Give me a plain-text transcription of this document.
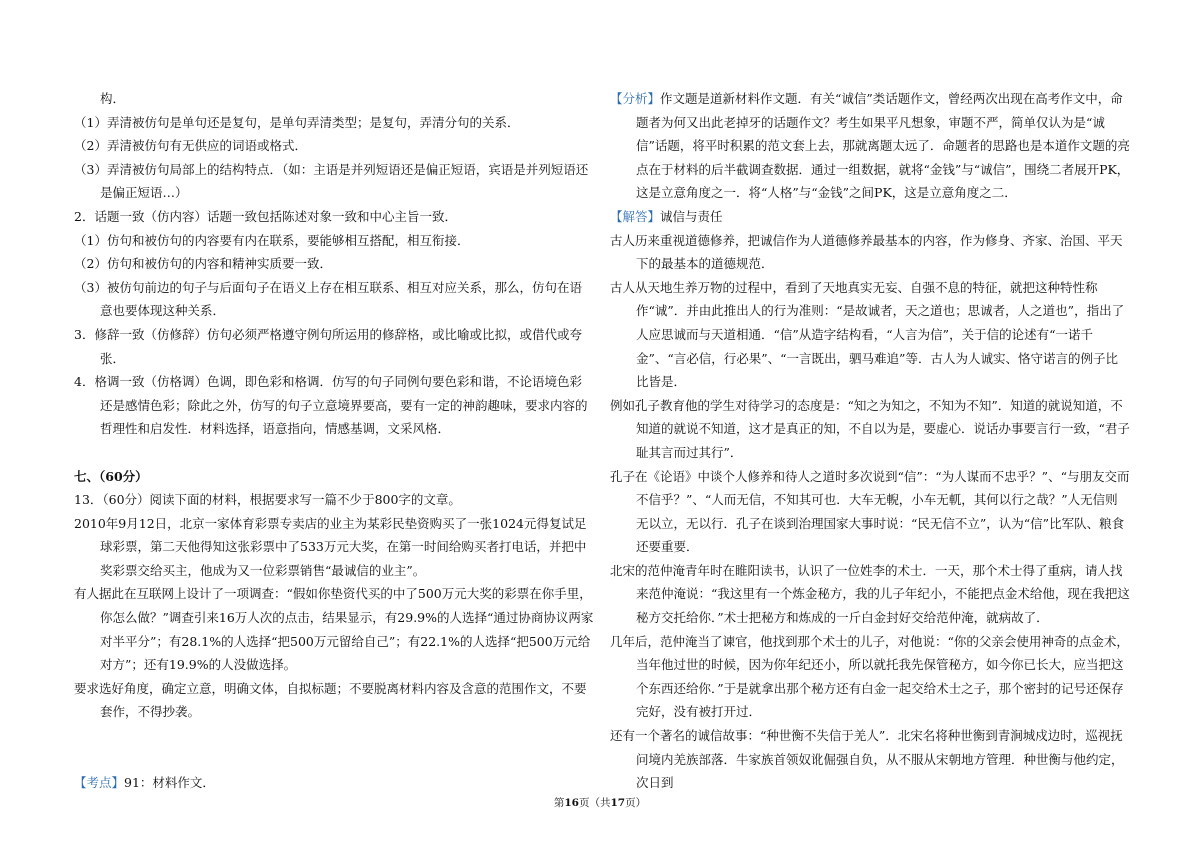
构．

（1）弄清被仿句是单句还是复句，是单句弄清类型；是复句，弄清分句的关系．

（2）弄清被仿句有无供应的词语或格式．

（3）弄清被仿句局部上的结构特点．（如：主语是并列短语还是偏正短语，宾语是并列短语还是偏正短语…）

2．话题一致（仿内容）话题一致包括陈述对象一致和中心主旨一致．

（1）仿句和被仿句的内容要有内在联系，要能够相互搭配，相互衔接．

（2）仿句和被仿句的内容和精神实质要一致．

（3）被仿句前边的句子与后面句子在语义上存在相互联系、相互对应关系，那么，仿句在语意也要体现这种关系．

3．修辞一致（仿修辞）仿句必须严格遵守例句所运用的修辞格，或比喻或比拟，或借代或夸张．

4．格调一致（仿格调）色调，即色彩和格调．仿写的句子同例句要色彩和谐，不论语境色彩还是感情色彩；除此之外，仿写的句子立意境界要高，要有一定的神韵趣味，要求内容的哲理性和启发性．材料选择，语意指向，情感基调，文采风格．

七、（60分）

13．（60分）阅读下面的材料，根据要求写一篇不少于800字的文章。

2010年9月12日，北京一家体育彩票专卖店的业主为某彩民垫资购买了一张1024元得复试足球彩票，第二天他得知这张彩票中了533万元大奖，在第一时间给购买者打电话，并把中奖彩票交给买主，他成为又一位彩票销售“最诚信的业主”。

有人据此在互联网上设计了一项调查：“假如你垫资代买的中了500万元大奖的彩票在你手里，你怎么做？”调查引来16万人次的点击，结果显示，有29.9%的人选择“通过协商协议两家对半平分”；有28.1%的人选择“把500万元留给自己”；有22.1%的人选择“把500万元给对方”；还有19.9%的人没做选择。

要求选好角度，确定立意，明确文体，自拟标题；不要脱离材料内容及含意的范围作文，不要套作，不得抄袭。

【考点】91：材料作文．

【分析】作文题是道新材料作文题．有关“诚信”类话题作文，曾经两次出现在高考作文中，命题者为何又出此老掉牙的话题作文？考生如果平凡想象，审题不严，简单仅认为是“诚信”话题，将平时积累的范文套上去，那就离题太远了．命题者的思路也是本道作文题的亮点在于材料的后半截调查数据．通过一组数据，就将“金钱”与“诚信”，围绕二者展开PK，这是立意角度之一．将“人格”与“金钱”之间PK，这是立意角度之二．

【解答】诚信与责任

古人历来重视道德修养，把诚信作为人道德修养最基本的内容，作为修身、齐家、治国、平天下的最基本的道德规范．

古人从天地生养万物的过程中，看到了天地真实无妄、自强不息的特征，就把这种特性称作“诚”．并由此推出人的行为准则：“是故诚者，天之道也；思诚者，人之道也”，指出了人应思诚而与天道相通．“信”从造字结构看，“人言为信”，关于信的论述有“一诺千金”、“言必信，行必果”、“一言既出，驷马难追”等．古人为人诚实、恪守诺言的例子比比皆是．

例如孔子教育他的学生对待学习的态度是：“知之为知之，不知为不知”．知道的就说知道，不知道的就说不知道，这才是真正的知，不自以为是，要虚心．说话办事要言行一致，“君子耻其言而过其行”．

孔子在《论语》中谈个人修养和待人之道时多次说到“信”：“为人谋而不忠乎？”、“与朋友交而不信乎？”、“人而无信，不知其可也．大车无輗，小车无軏，其何以行之哉？”人无信则无以立，无以行．孔子在谈到治理国家大事时说：“民无信不立”，认为“信”比军队、粮食还要重要．

北宋的范仲淹青年时在睢阳读书，认识了一位姓李的术士．一天，那个术士得了重病，请人找来范仲淹说：“我这里有一个炼金秘方，我的儿子年纪小，不能把点金术给他，现在我把这秘方交托给你．”术士把秘方和炼成的一斤白金封好交给范仲淹，就病故了．

几年后，范仲淹当了谏官，他找到那个术士的儿子，对他说：“你的父亲会使用神奇的点金术，当年他过世的时候，因为你年纪还小，所以就托我先保管秘方，如今你已长大，应当把这个东西还给你．”于是就拿出那个秘方还有白金一起交给术士之子，那个密封的记号还保存完好，没有被打开过．

还有一个著名的诚信故事：“种世衡不失信于羌人”．北宋名将种世衡到青涧城戍边时，巡视抚问境内羌族部落．牛家族首领奴讹倔强自负，从不服从宋朝地方管理．种世衡与他约定，次日到

第16页（共17页）
